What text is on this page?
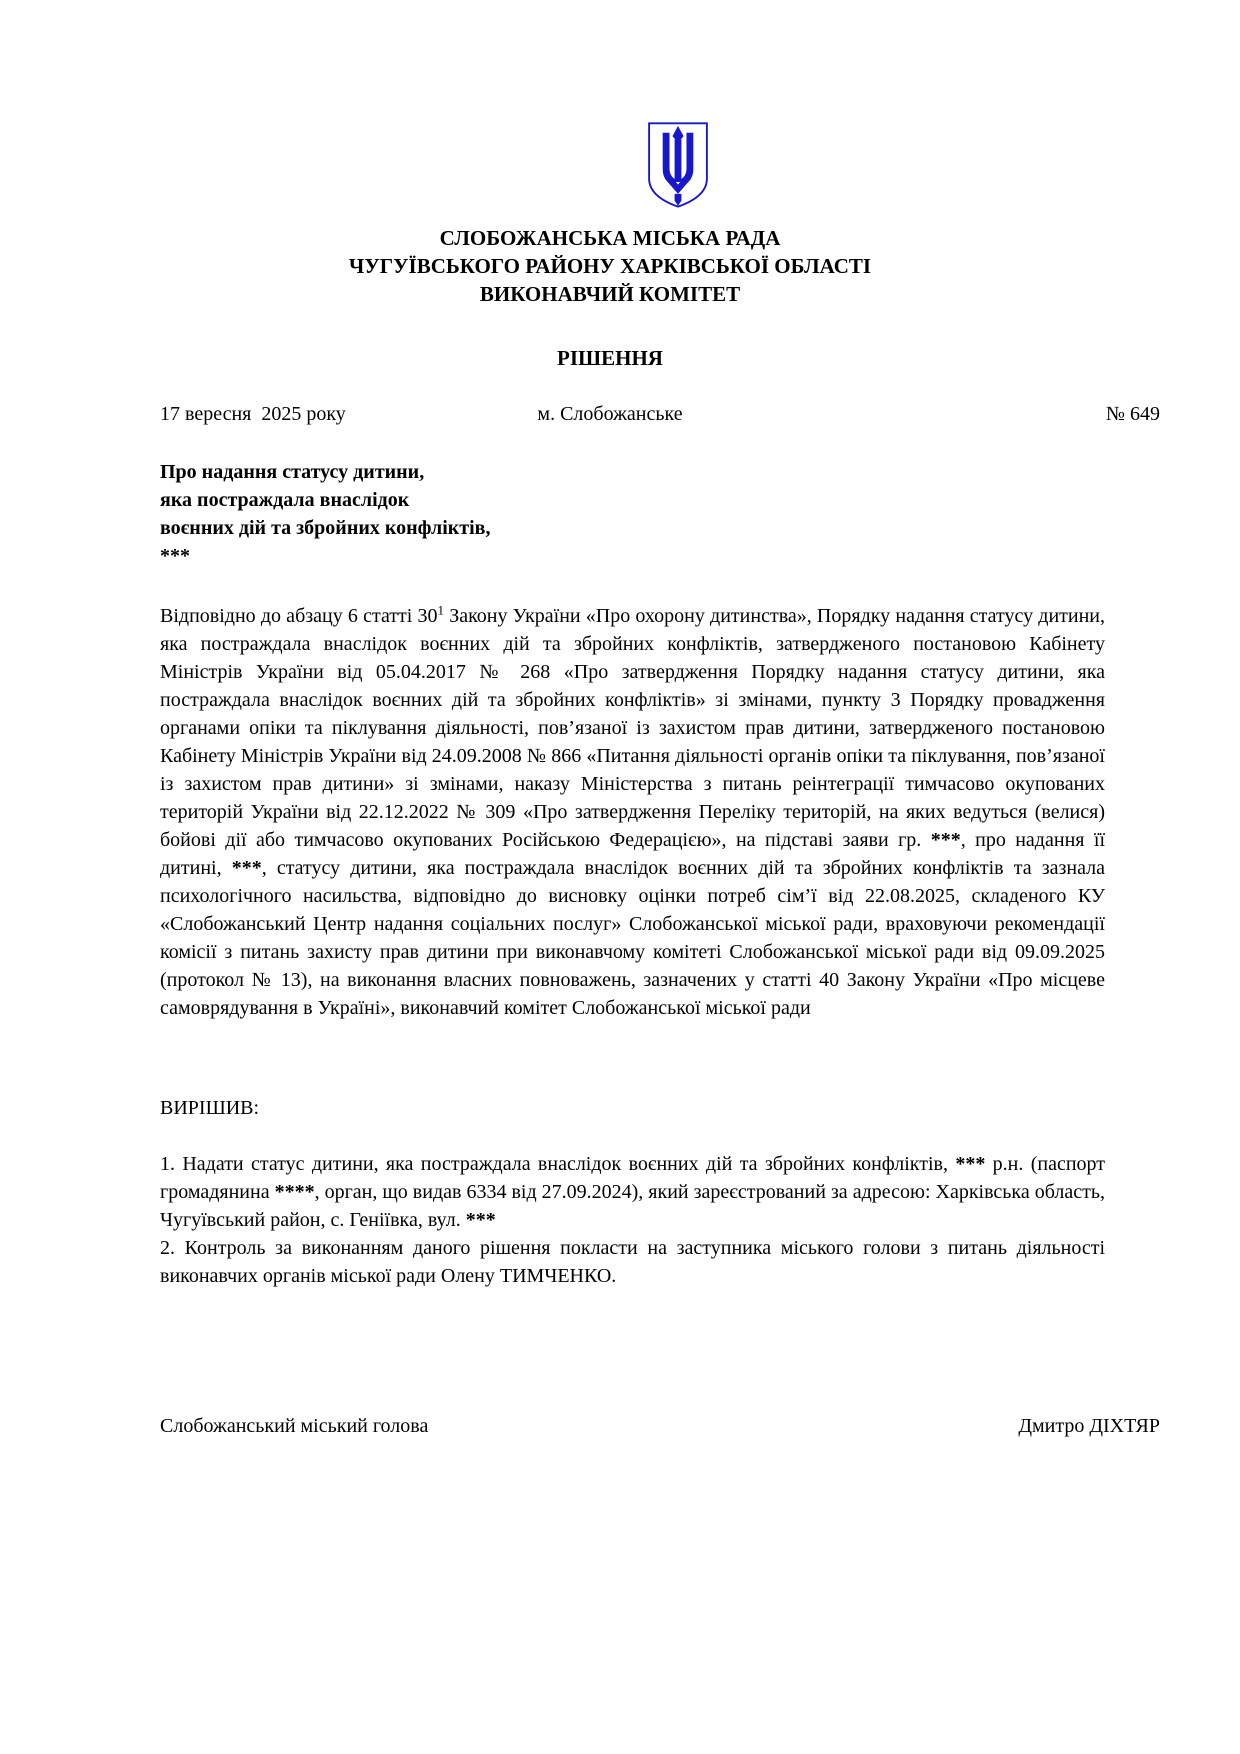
СЛОБОЖАНСЬКА МІСЬКА РАДА
ЧУГУЇВСЬКОГО РАЙОНУ ХАРКІВСЬКОЇ ОБЛАСТІ
ВИКОНАВЧИЙ КОМІТЕТ
РІШЕННЯ

17 вересня  2025 року

	м. Слобожанське

	№ 649

Про надання статусу дитини,
яка постраждала внаслідок
воєнних дій та збройних конфліктів,
***

Відповідно до абзацу 6 статті $30^1$ Закону України «Про охорону дитинства», Порядку надання статусу дитини, яка постраждала внаслідок воєнних дій та збройних конфліктів, затвердженого постановою Кабінету Міністрів України від 05.04.2017 № 268 «Про затвердження Порядку надання статусу дитини, яка постраждала внаслідок воєнних дій та збройних конфліктів» зі змінами, пункту 3 Порядку провадження органами опіки та піклування діяльності, пов’язаної із захистом прав дитини, затвердженого постановою Кабінету Міністрів України від 24.09.2008 № 866 «Питання діяльності органів опіки та піклування, пов’язаної із захистом прав дитини» зі змінами, наказу Міністерства з питань реінтеграції тимчасово окупованих територій України від 22.12.2022 № 309 «Про затвердження Переліку територій, на яких ведуться (велися) бойові дії або тимчасово окупованих Російською Федерацією», на підставі заяви гр. ***, про надання її дитині, ***, статусу дитини, яка постраждала внаслідок воєнних дій та збройних конфліктів та зазнала психологічного насильства, відповідно до висновку оцінки потреб сім’ї від 22.08.2025, складеного КУ «Слобожанський Центр надання соціальних послуг» Слобожанської міської ради, враховуючи рекомендації комісії з питань захисту прав дитини при виконавчому комітеті Слобожанської міської ради від 09.09.2025 (протокол № 13), на виконання власних повноважень, зазначених у статті 40 Закону України «Про місцеве самоврядування в Україні», виконавчий комітет Слобожанської міської ради

ВИРІШИВ:

1. Надати статус дитини, яка постраждала внаслідок воєнних дій та збройних конфліктів, *** р.н. (паспорт громадянина ****, орган, що видав 6334 від 27.09.2024), який зареєстрований за адресою: Харківська область, Чугуївський район, с. Геніївка, вул. ***

2. Контроль за виконанням даного рішення покласти на заступника міського голови з питань діяльності виконавчих органів міської ради Олену ТИМЧЕНКО.

Слобожанський міський голова	Дмитро ДІХТЯР
